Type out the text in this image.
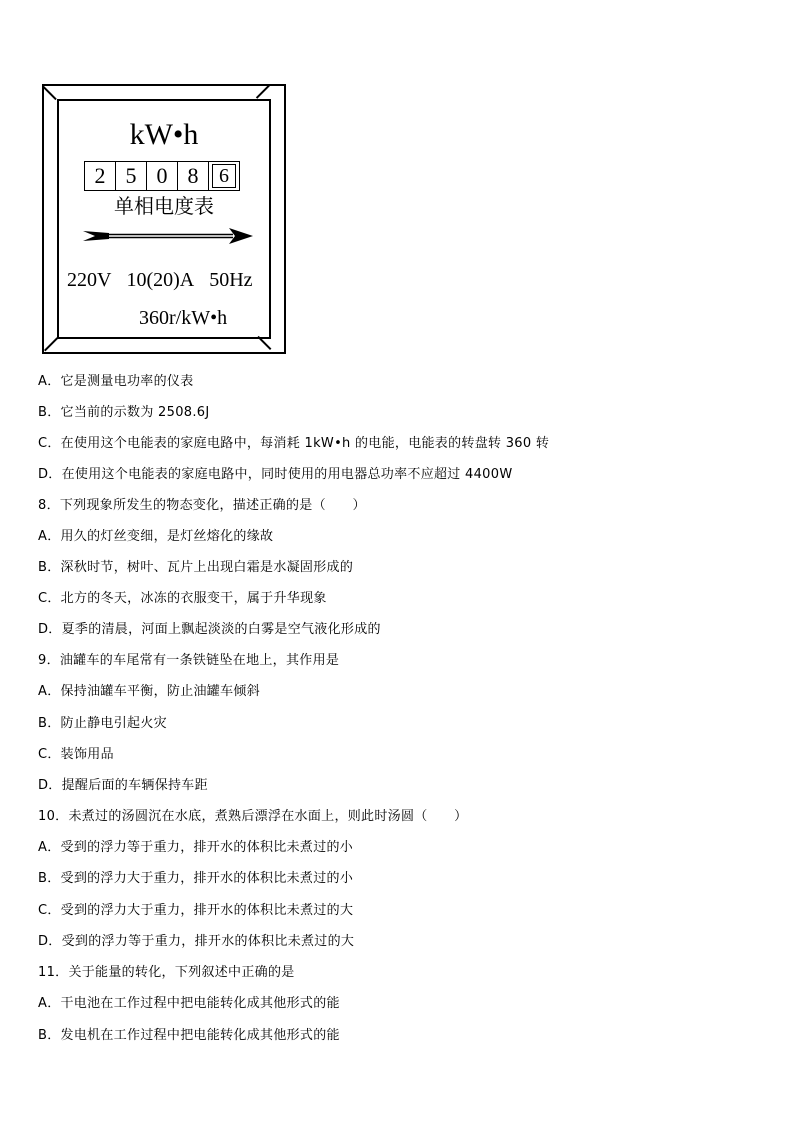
kW•h
2 5 0 8	6
单相电度表
220V 10(20)A 50Hz
360r/kW•h
A．它是测量电功率的仪表
B．它当前的示数为 2508.6J
C．在使用这个电能表的家庭电路中，每消耗 1kW•h 的电能，电能表的转盘转 360 转
D．在使用这个电能表的家庭电路中，同时使用的用电器总功率不应超过 4400W
8．下列现象所发生的物态变化，描述正确的是（　　）
A．用久的灯丝变细，是灯丝熔化的缘故
B．深秋时节，树叶、瓦片上出现白霜是水凝固形成的
C．北方的冬天，冰冻的衣服变干，属于升华现象
D．夏季的清晨，河面上飘起淡淡的白雾是空气液化形成的
9．油罐车的车尾常有一条铁链坠在地上，其作用是
A．保持油罐车平衡，防止油罐车倾斜
B．防止静电引起火灾
C．装饰用品
D．提醒后面的车辆保持车距
10．未煮过的汤圆沉在水底，煮熟后漂浮在水面上，则此时汤圆（　　）
A．受到的浮力等于重力，排开水的体积比未煮过的小
B．受到的浮力大于重力，排开水的体积比未煮过的小
C．受到的浮力大于重力，排开水的体积比未煮过的大
D．受到的浮力等于重力，排开水的体积比未煮过的大
11．关于能量的转化，下列叙述中正确的是
A．干电池在工作过程中把电能转化成其他形式的能
B．发电机在工作过程中把电能转化成其他形式的能
